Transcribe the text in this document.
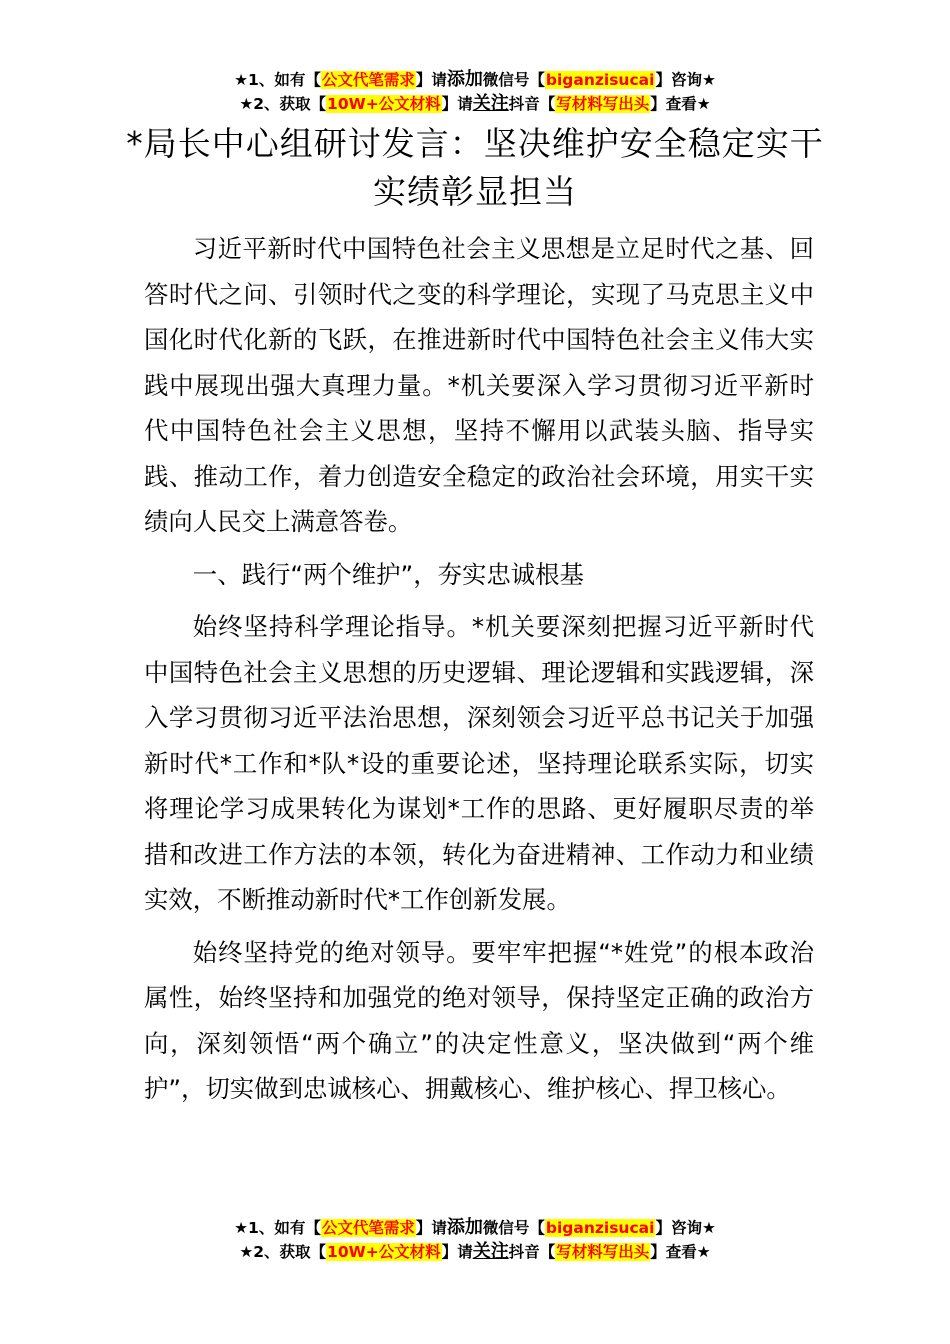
★1、如有【公文代笔需求】请添加微信号【biganzisucai】咨询★
★2、获取【10W+公文材料】请关注抖音【写材料写出头】查看★
*局长中心组研讨发言：坚决维护安全稳定实干实绩彰显担当

习近平新时代中国特色社会主义思想是立足时代之基、回答时代之问、引领时代之变的科学理论，实现了马克思主义中国化时代化新的飞跃，在推进新时代中国特色社会主义伟大实践中展现出强大真理力量。*机关要深入学习贯彻习近平新时代中国特色社会主义思想，坚持不懈用以武装头脑、指导实践、推动工作，着力创造安全稳定的政治社会环境，用实干实绩向人民交上满意答卷。

一、践行“两个维护”，夯实忠诚根基

始终坚持科学理论指导。*机关要深刻把握习近平新时代中国特色社会主义思想的历史逻辑、理论逻辑和实践逻辑，深入学习贯彻习近平法治思想，深刻领会习近平总书记关于加强新时代*工作和*队*设的重要论述，坚持理论联系实际，切实将理论学习成果转化为谋划*工作的思路、更好履职尽责的举措和改进工作方法的本领，转化为奋进精神、工作动力和业绩实效，不断推动新时代*工作创新发展。

始终坚持党的绝对领导。要牢牢把握“*姓党”的根本政治属性，始终坚持和加强党的绝对领导，保持坚定正确的政治方向，深刻领悟“两个确立”的决定性意义，坚决做到“两个维护”，切实做到忠诚核心、拥戴核心、维护核心、捍卫核心。

★1、如有【公文代笔需求】请添加微信号【biganzisucai】咨询★
★2、获取【10W+公文材料】请关注抖音【写材料写出头】查看★
